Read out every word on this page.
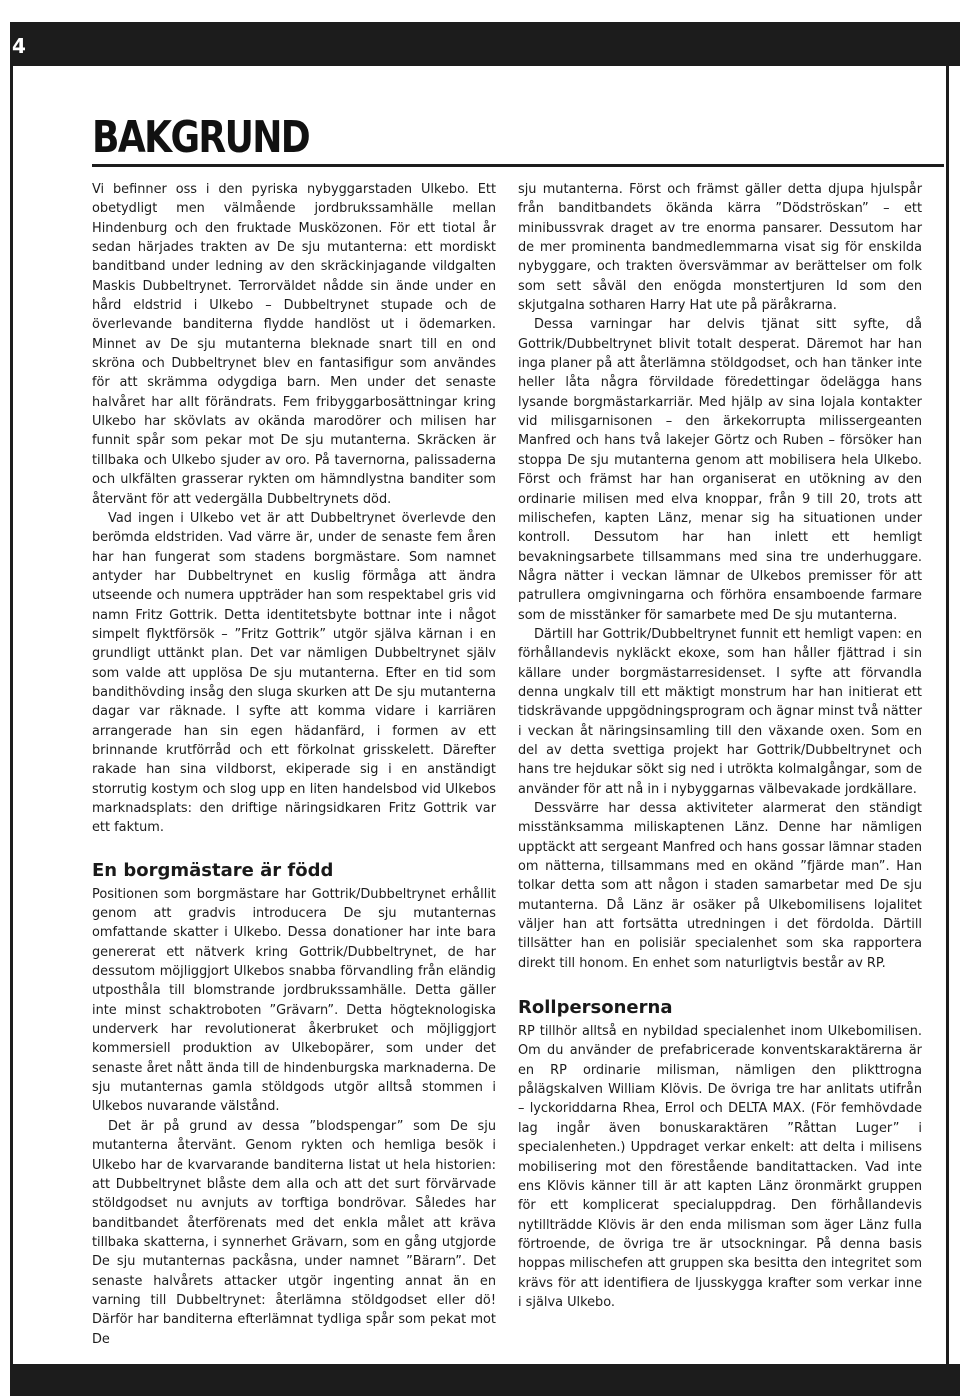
4
BAKGRUND

Vi befinner oss i den pyriska nybyggarstaden Ulkebo. Ett obetydligt men välmående jordbrukssamhälle mellan Hindenburg och den fruktade Musközonen. För ett tiotal år sedan härjades trakten av De sju mutanterna: ett mordiskt banditband under ledning av den skräckinjagande vildgalten Maskis Dubbeltrynet. Terrorväldet nådde sin ände under en hård eldstrid i Ulkebo – Dubbeltrynet stupade och de överlevande banditerna flydde handlöst ut i ödemarken. Minnet av De sju mutanterna bleknade snart till en ond skröna och Dubbeltrynet blev en fantasifigur som användes för att skrämma odygdiga barn. Men under det senaste halvåret har allt förändrats. Fem fribyggarbosättningar kring Ulkebo har skövlats av okända marodörer och milisen har funnit spår som pekar mot De sju mutanterna. Skräcken är tillbaka och Ulkebo sjuder av oro. På tavernorna, palissaderna och ulkfälten grasserar rykten om hämndlystna banditer som återvänt för att vedergälla Dubbeltrynets död.

Vad ingen i Ulkebo vet är att Dubbeltrynet överlevde den berömda eldstriden. Vad värre är, under de senaste fem åren har han fungerat som stadens borgmästare. Som namnet antyder har Dubbeltrynet en kuslig förmåga att ändra utseende och numera uppträder han som respektabel gris vid namn Fritz Gottrik. Detta identitetsbyte bottnar inte i något simpelt flyktförsök – ”Fritz Gottrik” utgör själva kärnan i en grundligt uttänkt plan. Det var nämligen Dubbeltrynet själv som valde att upplösa De sju mutanterna. Efter en tid som bandithövding insåg den sluga skurken att De sju mutanterna dagar var räknade. I syfte att komma vidare i karriären arrangerade han sin egen hädanfärd, i formen av ett brinnande krutförråd och ett förkolnat grisskelett. Därefter rakade han sina vildborst, ekiperade sig i en anständigt storrutig kostym och slog upp en liten handelsbod vid Ulkebos marknadsplats: den driftige näringsidkaren Fritz Gottrik var ett faktum.

En borgmästare är född

Positionen som borgmästare har Gottrik/Dubbeltrynet erhållit genom att gradvis introducera De sju mutanternas omfattande skatter i Ulkebo. Dessa donationer har inte bara genererat ett nätverk kring Gottrik/Dubbeltrynet, de har dessutom möjliggjort Ulkebos snabba förvandling från eländig utposthåla till blomstrande jordbrukssamhälle. Detta gäller inte minst schaktroboten ”Grävarn”. Detta högteknologiska underverk har revolutionerat åkerbruket och möjliggjort kommersiell produktion av Ulkebopärer, som under det senaste året nått ända till de hindenburgska marknaderna. De sju mutanternas gamla stöldgods utgör alltså stommen i Ulkebos nuvarande välstånd.

Det är på grund av dessa ”blodspengar” som De sju mutanterna återvänt. Genom rykten och hemliga besök i Ulkebo har de kvarvarande banditerna listat ut hela historien: att Dubbeltrynet blåste dem alla och att det surt förvärvade stöldgodset nu avnjuts av torftiga bondrövar. Således har banditbandet återförenats med det enkla målet att kräva tillbaka skatterna, i synnerhet Grävarn, som en gång utgjorde De sju mutanternas packåsna, under namnet ”Bärarn”. Det senaste halvårets attacker utgör ingenting annat än en varning till Dubbeltrynet: återlämna stöldgodset eller dö! Därför har banditerna efterlämnat tydliga spår som pekat mot De

sju mutanterna. Först och främst gäller detta djupa hjulspår från banditbandets ökända kärra ”Dödströskan” – ett minibussvrak draget av tre enorma pansarer. Dessutom har de mer prominenta bandmedlemmarna visat sig för enskilda nybyggare, och trakten översvämmar av berättelser om folk som sett såväl den enögda monstertjuren Id som den skjutgalna sotharen Harry Hat ute på päråkrarna.

Dessa varningar har delvis tjänat sitt syfte, då Gottrik/Dubbeltrynet blivit totalt desperat. Däremot har han inga planer på att återlämna stöldgodset, och han tänker inte heller låta några förvildade föredettingar ödelägga hans lysande borgmästarkarriär. Med hjälp av sina lojala kontakter vid milisgarnisonen – den ärkekorrupta milissergeanten Manfred och hans två lakejer Görtz och Ruben – försöker han stoppa De sju mutanterna genom att mobilisera hela Ulkebo. Först och främst har han organiserat en utökning av den ordinarie milisen med elva knoppar, från 9 till 20, trots att milischefen, kapten Länz, menar sig ha situationen under kontroll. Dessutom har han inlett ett hemligt bevakningsarbete tillsammans med sina tre underhuggare. Några nätter i veckan lämnar de Ulkebos premisser för att patrullera omgivningarna och förhöra ensamboende farmare som de misstänker för samarbete med De sju mutanterna.

Därtill har Gottrik/Dubbeltrynet funnit ett hemligt vapen: en förhållandevis nykläckt ekoxe, som han håller fjättrad i sin källare under borgmästarresidenset. I syfte att förvandla denna ungkalv till ett mäktigt monstrum har han initierat ett tidskrävande uppgödningsprogram och ägnar minst två nätter i veckan åt näringsinsamling till den växande oxen. Som en del av detta svettiga projekt har Gottrik/Dubbeltrynet och hans tre hejdukar sökt sig ned i utrökta kolmalgångar, som de använder för att nå in i nybyggarnas välbevakade jordkällare.

Dessvärre har dessa aktiviteter alarmerat den ständigt misstänksamma miliskaptenen Länz. Denne har nämligen upptäckt att sergeant Manfred och hans gossar lämnar staden om nätterna, tillsammans med en okänd ”fjärde man”. Han tolkar detta som att någon i staden samarbetar med De sju mutanterna. Då Länz är osäker på Ulkebomilisens lojalitet väljer han att fortsätta utredningen i det fördolda. Därtill tillsätter han en polisiär specialenhet som ska rapportera direkt till honom. En enhet som naturligtvis består av RP.

Rollpersonerna

RP tillhör alltså en nybildad specialenhet inom Ulkebomilisen. Om du använder de prefabricerade konventskaraktärerna är en RP ordinarie milisman, nämligen den plikttrogna pålägskalven William Klövis. De övriga tre har anlitats utifrån – lyckoriddarna Rhea, Errol och DELTA MAX. (För femhövdade lag ingår även bonuskaraktären ”Råttan Luger” i specialenheten.) Uppdraget verkar enkelt: att delta i milisens mobilisering mot den förestående banditattacken. Vad inte ens Klövis känner till är att kapten Länz öronmärkt gruppen för ett komplicerat specialuppdrag. Den förhållandevis nytillträdde Klövis är den enda milisman som äger Länz fulla förtroende, de övriga tre är utsockningar. På denna basis hoppas milischefen att gruppen ska besitta den integritet som krävs för att identifiera de ljusskygga krafter som verkar inne i själva Ulkebo.
